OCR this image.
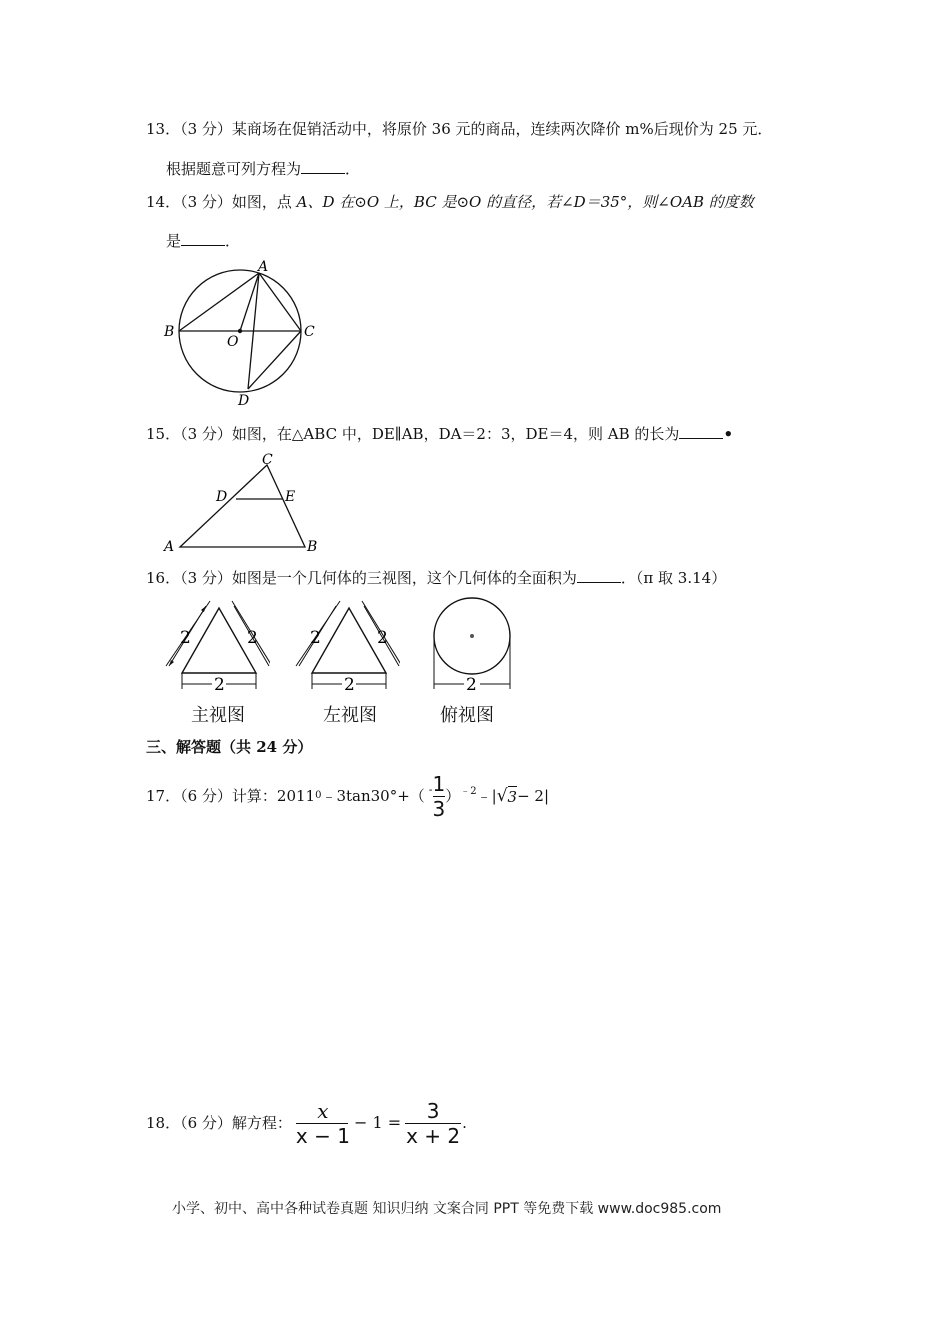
13．（3 分）某商场在促销活动中，将原价 36 元的商品，连续两次降价 m%后现价为 25 元．
根据题意可列方程为	．
14．（3 分）如图，点 A、D 在⊙O 上，BC 是⊙O 的直径，若∠D＝35°，则∠OAB 的度数
是	．
A
B	C
O
D
15．（3 分）如图，在△ABC 中，DE∥AB，DA＝2：3，DE＝4，则 AB 的长为	•
C
D	E
A	B
16．（3 分）如图是一个几何体的三视图，这个几何体的全面积为	．（π 取 3.14）
2	2
2
主视图
2	2
2
左视图
2
俯视图
三、解答题（共 24 分）
17．（6 分）计算：2011 0 ﹣3tan30°+（ - $\frac{1}{3} )^{﹣2}$ ﹣| √ 3 − 2|
18．（6 分）解方程： $\frac{x}{x - 1} - 1 = \frac{3}{x + 2}$ .
小学、初中、高中各种试卷真题 知识归纳 文案合同 PPT 等免费下载 www.doc985.com
